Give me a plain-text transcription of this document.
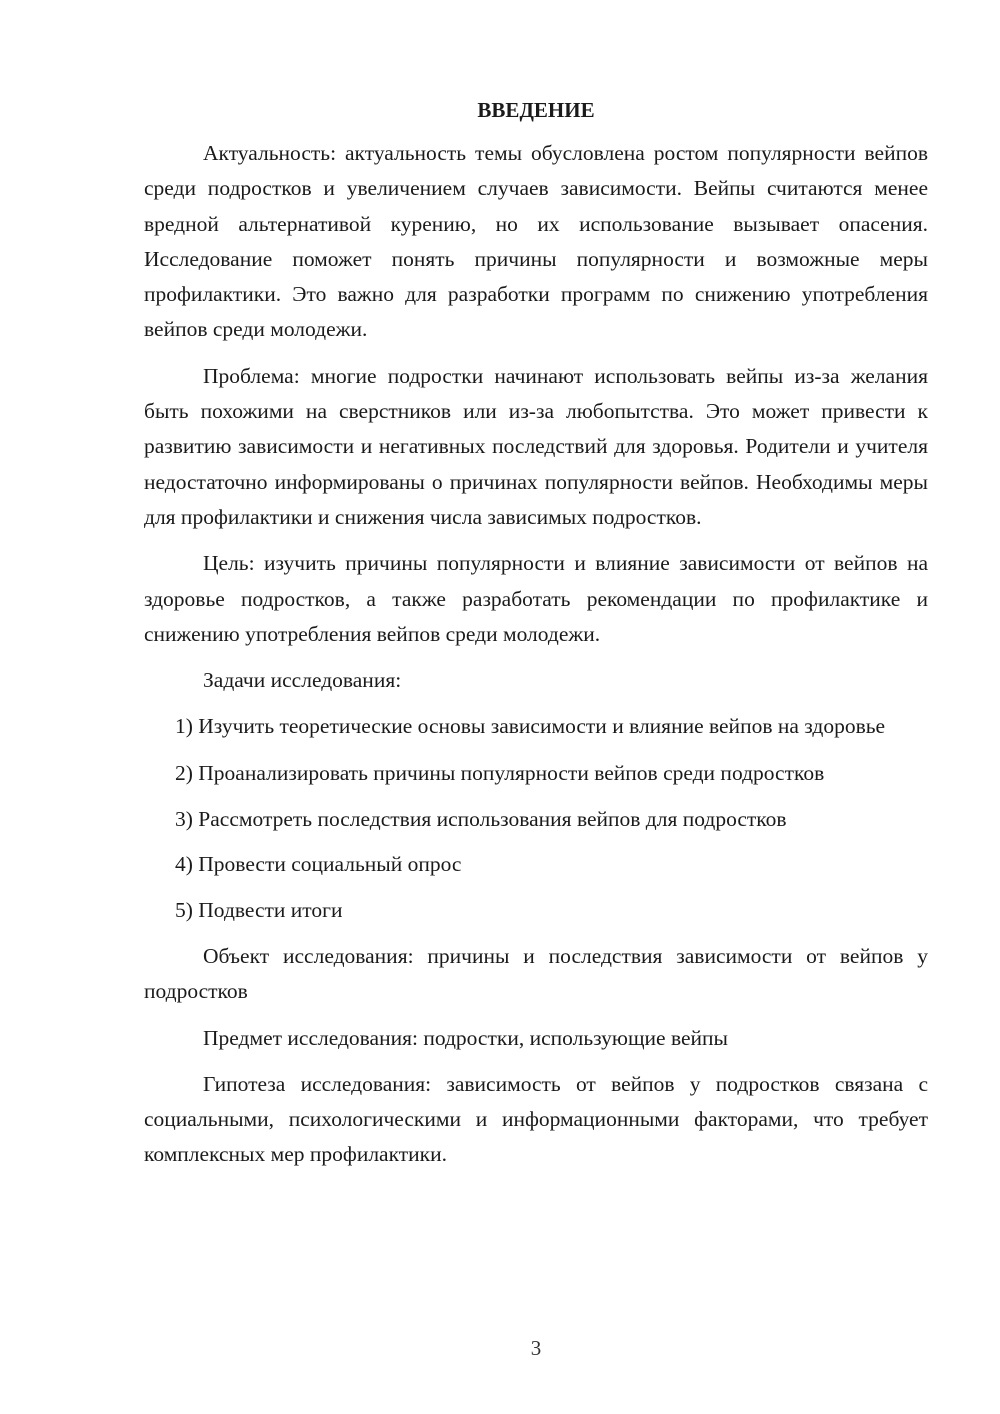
ВВЕДЕНИЕ

Актуальность: актуальность темы обусловлена ростом популярности вейпов среди подростков и увеличением случаев зависимости. Вейпы считаются менее вредной альтернативой курению, но их использование вызывает опасения. Исследование поможет понять причины популярности и возможные меры профилактики. Это важно для разработки программ по снижению употребления вейпов среди молодежи.

Проблема: многие подростки начинают использовать вейпы из-за желания быть похожими на сверстников или из-за любопытства. Это может привести к развитию зависимости и негативных последствий для здоровья. Родители и учителя недостаточно информированы о причинах популярности вейпов. Необходимы меры для профилактики и снижения числа зависимых подростков.

Цель: изучить причины популярности и влияние зависимости от вейпов на здоровье подростков, а также разработать рекомендации по профилактике и снижению употребления вейпов среди молодежи.

Задачи исследования:

1) Изучить теоретические основы зависимости и влияние вейпов на здоровье

2) Проанализировать причины популярности вейпов среди подростков

3) Рассмотреть последствия использования вейпов для подростков

4) Провести социальный опрос

5) Подвести итоги

Объект исследования: причины и последствия зависимости от вейпов у подростков

Предмет исследования: подростки, использующие вейпы

Гипотеза исследования: зависимость от вейпов у подростков связана с социальными, психологическими и информационными факторами, что требует комплексных мер профилактики.

3
